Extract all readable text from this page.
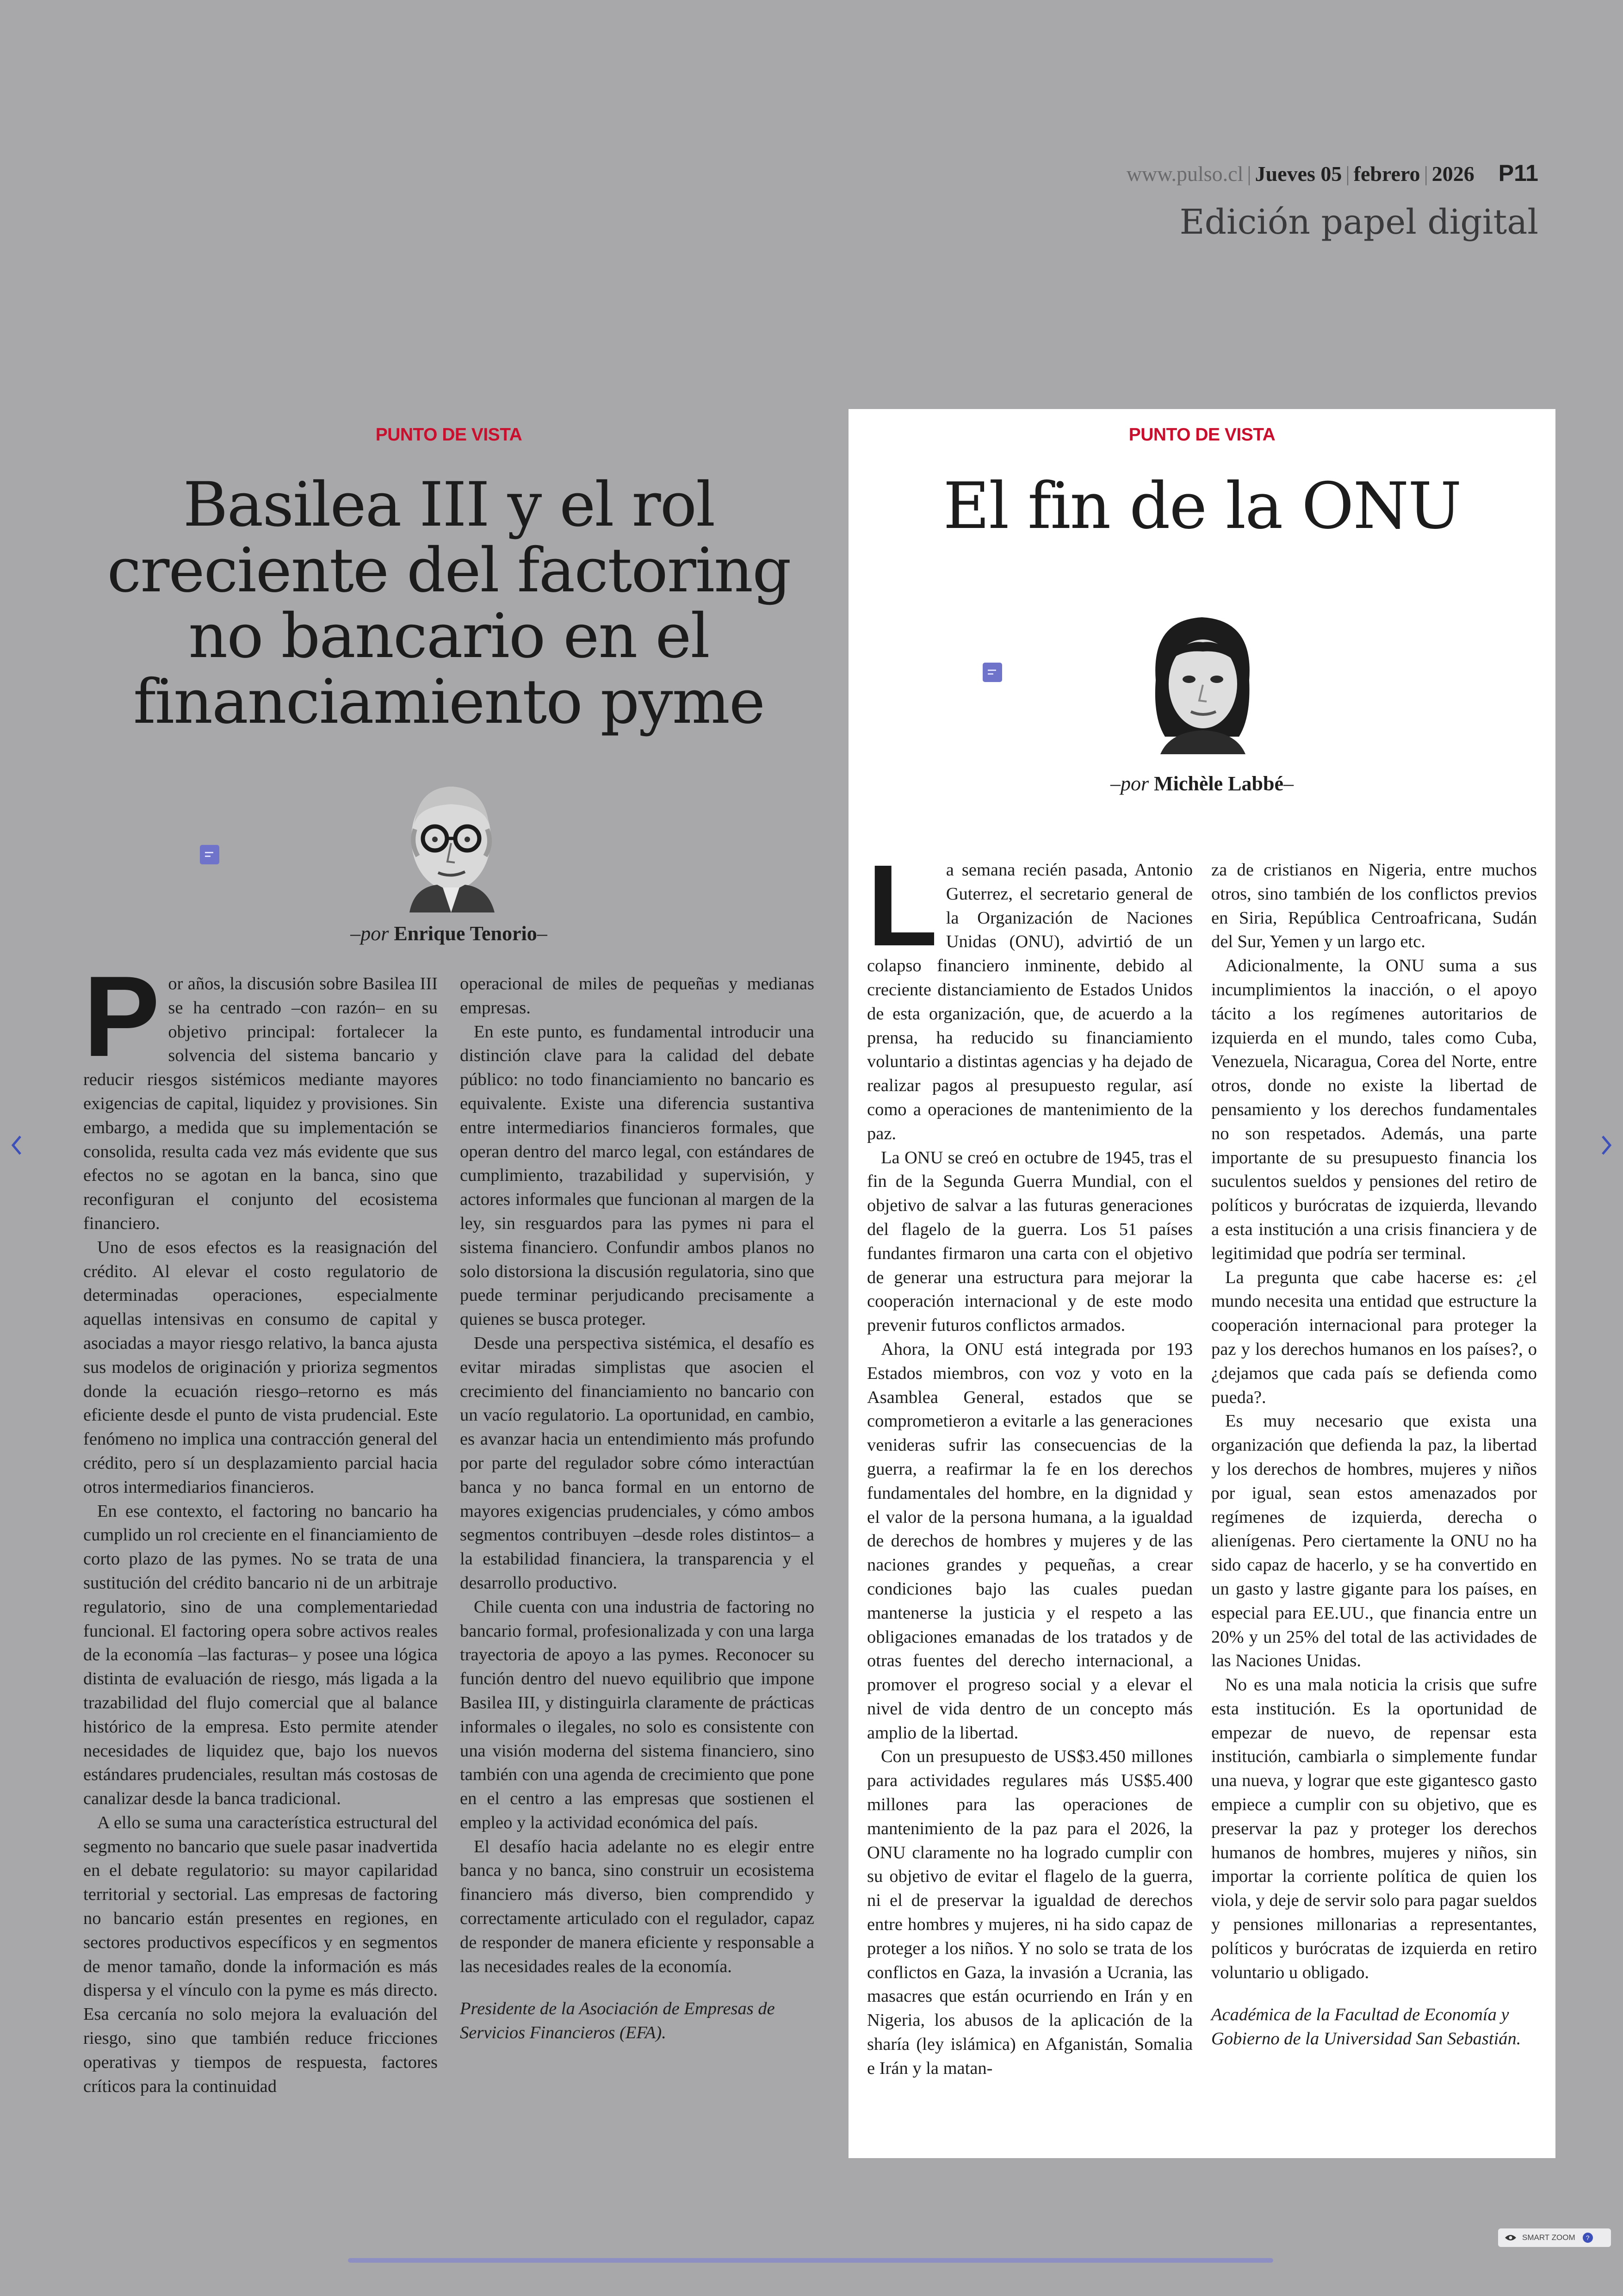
www.pulso.cl | Jueves 05 | febrero | 2026 P11
Edición papel digital
PUNTO DE VISTA
Basilea III y el rol creciente del factoring no bancario en el financiamiento pyme
–por Enrique Tenorio–

Por años, la discusión sobre Basilea III se ha centrado –con razón– en su objetivo principal: fortalecer la solvencia del sistema bancario y reducir riesgos sistémicos mediante mayores exigencias de capital, liquidez y provisiones. Sin embargo, a medida que su implementación se consolida, resulta cada vez más evidente que sus efectos no se agotan en la banca, sino que reconfiguran el conjunto del ecosistema financiero.

Uno de esos efectos es la reasignación del crédito. Al elevar el costo regulatorio de determinadas operaciones, especialmente aquellas intensivas en consumo de capital y asociadas a mayor riesgo relativo, la banca ajusta sus modelos de originación y prioriza segmentos donde la ecuación riesgo–retorno es más eficiente desde el punto de vista prudencial. Este fenómeno no implica una contracción general del crédito, pero sí un desplazamiento parcial hacia otros intermediarios financieros.

En ese contexto, el factoring no bancario ha cumplido un rol creciente en el financiamiento de corto plazo de las pymes. No se trata de una sustitución del crédito bancario ni de un arbitraje regulatorio, sino de una complementariedad funcional. El factoring opera sobre activos reales de la economía –las facturas– y posee una lógica distinta de evaluación de riesgo, más ligada a la trazabilidad del flujo comercial que al balance histórico de la empresa. Esto permite atender necesidades de liquidez que, bajo los nuevos estándares prudenciales, resultan más costosas de canalizar desde la banca tradicional.

A ello se suma una característica estructural del segmento no bancario que suele pasar inadvertida en el debate regulatorio: su mayor capilaridad territorial y sectorial. Las empresas de factoring no bancario están presentes en regiones, en sectores productivos específicos y en segmentos de menor tamaño, donde la información es más dispersa y el vínculo con la pyme es más directo. Esa cercanía no solo mejora la evaluación del riesgo, sino que también reduce fricciones operativas y tiempos de respuesta, factores críticos para la continuidad

operacional de miles de pequeñas y medianas empresas.

En este punto, es fundamental introducir una distinción clave para la calidad del debate público: no todo financiamiento no bancario es equivalente. Existe una diferencia sustantiva entre intermediarios financieros formales, que operan dentro del marco legal, con estándares de cumplimiento, trazabilidad y supervisión, y actores informales que funcionan al margen de la ley, sin resguardos para las pymes ni para el sistema financiero. Confundir ambos planos no solo distorsiona la discusión regulatoria, sino que puede terminar perjudicando precisamente a quienes se busca proteger.

Desde una perspectiva sistémica, el desafío es evitar miradas simplistas que asocien el crecimiento del financiamiento no bancario con un vacío regulatorio. La oportunidad, en cambio, es avanzar hacia un entendimiento más profundo por parte del regulador sobre cómo interactúan banca y no banca formal en un entorno de mayores exigencias prudenciales, y cómo ambos segmentos contribuyen –desde roles distintos– a la estabilidad financiera, la transparencia y el desarrollo productivo.

Chile cuenta con una industria de factoring no bancario formal, profesionalizada y con una larga trayectoria de apoyo a las pymes. Reconocer su función dentro del nuevo equilibrio que impone Basilea III, y distinguirla claramente de prácticas informales o ilegales, no solo es consistente con una visión moderna del sistema financiero, sino también con una agenda de crecimiento que pone en el centro a las empresas que sostienen el empleo y la actividad económica del país.

El desafío hacia adelante no es elegir entre banca y no banca, sino construir un ecosistema financiero más diverso, bien comprendido y correctamente articulado con el regulador, capaz de responder de manera eficiente y responsable a las necesidades reales de la economía.

Presidente de la Asociación de Empresas de Servicios Financieros (EFA).

PUNTO DE VISTA
El fin de la ONU
–por Michèle Labbé–

La semana recién pasada, Antonio Guterrez, el secretario general de la Organización de Naciones Unidas (ONU), advirtió de un colapso financiero inminente, debido al creciente distanciamiento de Estados Unidos de esta organización, que, de acuerdo a la prensa, ha reducido su financiamiento voluntario a distintas agencias y ha dejado de realizar pagos al presupuesto regular, así como a operaciones de mantenimiento de la paz.

La ONU se creó en octubre de 1945, tras el fin de la Segunda Guerra Mundial, con el objetivo de salvar a las futuras generaciones del flagelo de la guerra. Los 51 países fundantes firmaron una carta con el objetivo de generar una estructura para mejorar la cooperación internacional y de este modo prevenir futuros conflictos armados.

Ahora, la ONU está integrada por 193 Estados miembros, con voz y voto en la Asamblea General, estados que se comprometieron a evitarle a las generaciones venideras sufrir las consecuencias de la guerra, a reafirmar la fe en los derechos fundamentales del hombre, en la dignidad y el valor de la persona humana, a la igualdad de derechos de hombres y mujeres y de las naciones grandes y pequeñas, a crear condiciones bajo las cuales puedan mantenerse la justicia y el respeto a las obligaciones emanadas de los tratados y de otras fuentes del derecho internacional, a promover el progreso social y a elevar el nivel de vida dentro de un concepto más amplio de la libertad.

Con un presupuesto de US$3.450 millones para actividades regulares más US$5.400 millones para las operaciones de mantenimiento de la paz para el 2026, la ONU claramente no ha logrado cumplir con su objetivo de evitar el flagelo de la guerra, ni el de preservar la igualdad de derechos entre hombres y mujeres, ni ha sido capaz de proteger a los niños. Y no solo se trata de los conflictos en Gaza, la invasión a Ucrania, las masacres que están ocurriendo en Irán y en Nigeria, los abusos de la aplicación de la sharía (ley islámica) en Afganistán, Somalia e Irán y la matan-

za de cristianos en Nigeria, entre muchos otros, sino también de los conflictos previos en Siria, República Centroafricana, Sudán del Sur, Yemen y un largo etc.

Adicionalmente, la ONU suma a sus incumplimientos la inacción, o el apoyo tácito a los regímenes autoritarios de izquierda en el mundo, tales como Cuba, Venezuela, Nicaragua, Corea del Norte, entre otros, donde no existe la libertad de pensamiento y los derechos fundamentales no son respetados. Además, una parte importante de su presupuesto financia los suculentos sueldos y pensiones del retiro de políticos y burócratas de izquierda, llevando a esta institución a una crisis financiera y de legitimidad que podría ser terminal.

La pregunta que cabe hacerse es: ¿el mundo necesita una entidad que estructure la cooperación internacional para proteger la paz y los derechos humanos en los países?, o ¿dejamos que cada país se defienda como pueda?.

Es muy necesario que exista una organización que defienda la paz, la libertad y los derechos de hombres, mujeres y niños por igual, sean estos amenazados por regímenes de izquierda, derecha o alienígenas. Pero ciertamente la ONU no ha sido capaz de hacerlo, y se ha convertido en un gasto y lastre gigante para los países, en especial para EE.UU., que financia entre un 20% y un 25% del total de las actividades de las Naciones Unidas.

No es una mala noticia la crisis que sufre esta institución. Es la oportunidad de empezar de nuevo, de repensar esta institución, cambiarla o simplemente fundar una nueva, y lograr que este gigantesco gasto empiece a cumplir con su objetivo, que es preservar la paz y proteger los derechos humanos de hombres, mujeres y niños, sin importar la corriente política de quien los viola, y deje de servir solo para pagar sueldos y pensiones millonarias a representantes, políticos y burócratas de izquierda en retiro voluntario u obligado.

Académica de la Facultad de Economía y Gobierno de la Universidad San Sebastián.

SMART ZOOM	?
